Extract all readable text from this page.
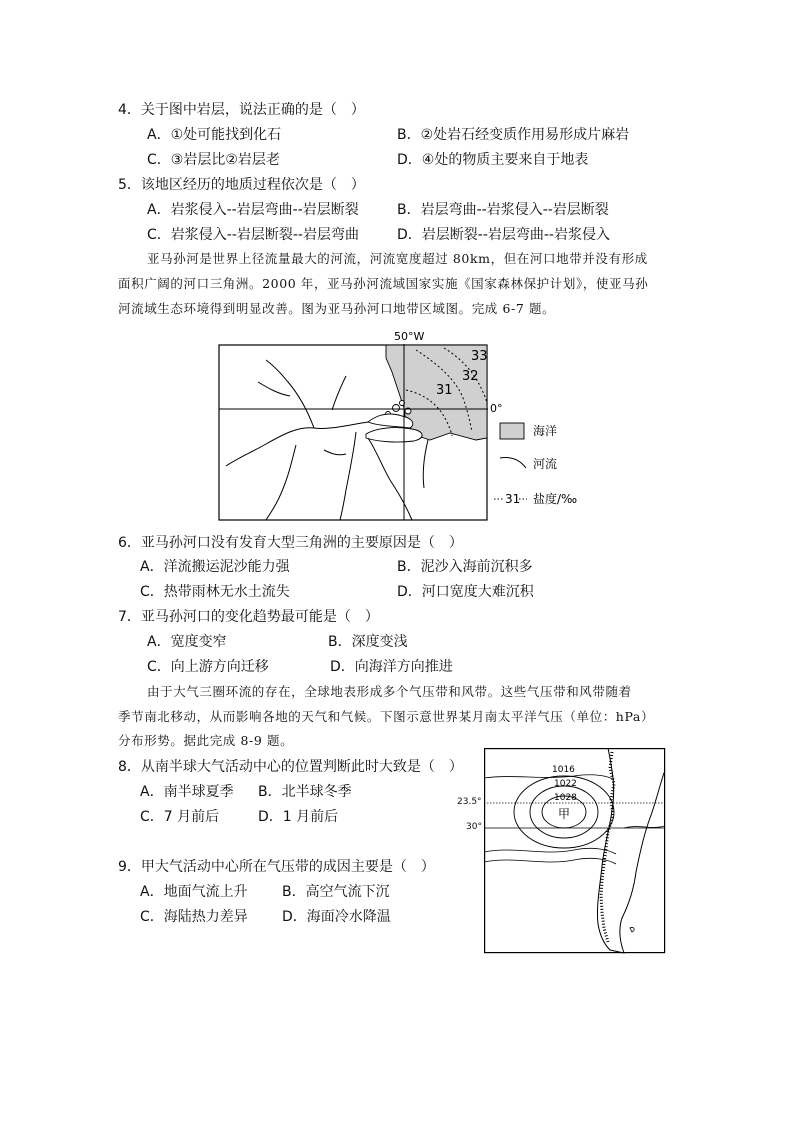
4．关于图中岩层，说法正确的是（　）
A．①处可能找到化石	B．②处岩石经变质作用易形成片麻岩
C．③岩层比②岩层老	D．④处的物质主要来自于地表
5．该地区经历的地质过程依次是（　）
A．岩浆侵入--岩层弯曲--岩层断裂	B．岩层弯曲--岩浆侵入--岩层断裂
C．岩浆侵入--岩层断裂--岩层弯曲	D．岩层断裂--岩层弯曲--岩浆侵入
亚马孙河是世界上径流量最大的河流，河流宽度超过 80km，但在河口地带并没有形成
面积广阔的河口三角洲。2000 年，亚马孙河流域国家实施《国家森林保护计划》，使亚马孙
河流域生态环境得到明显改善。图为亚马孙河口地带区域图。完成 6-7 题。
50°W
0°
33
32
31
海洋
河流
31 盐度/‰
6．亚马孙河口没有发育大型三角洲的主要原因是（　）
A．洋流搬运泥沙能力强	B．泥沙入海前沉积多
C．热带雨林无水土流失	D．河口宽度大难沉积
7．亚马孙河口的变化趋势最可能是（　）
A．宽度变窄	B．深度变浅
C．向上游方向迁移	D．向海洋方向推进
由于大气三圈环流的存在，全球地表形成多个气压带和风带。这些气压带和风带随着
季节南北移动，从而影响各地的天气和气候。下图示意世界某月南太平洋气压（单位：hPa）
分布形势。据此完成 8-9 题。
8．从南半球大气活动中心的位置判断此时大致是（　）
A．南半球夏季 B．北半球冬季
C．7 月前后	D．1 月前后
9．甲大气活动中心所在气压带的成因主要是（　）
A．地面气流上升 B．高空气流下沉
C．海陆热力差异 D．海面冷水降温
1016
1022
1028
甲
23.5°
30°
